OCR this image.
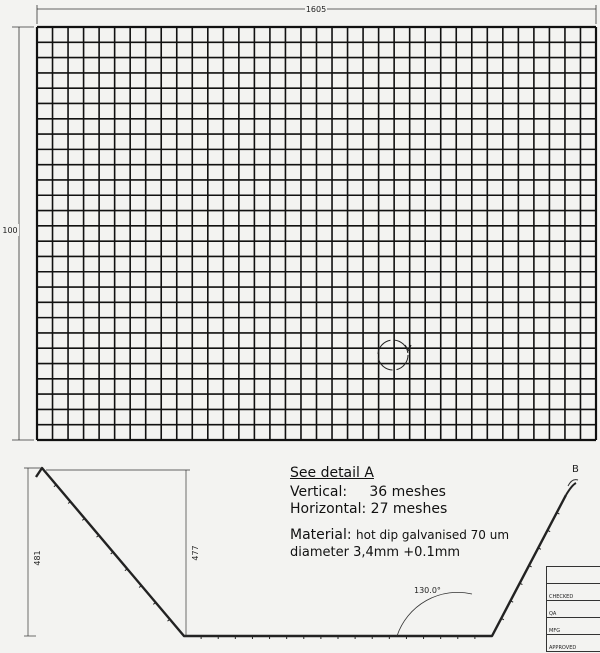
1605
100
481	477
130.0°
B
See detail A
Vertical: 36 meshes
Horizontal: 27 meshes
Material: hot dip galvanised 70 um
diameter 3,4mm +0.1mm
CHECKED
QA
MFG
APPROVED
